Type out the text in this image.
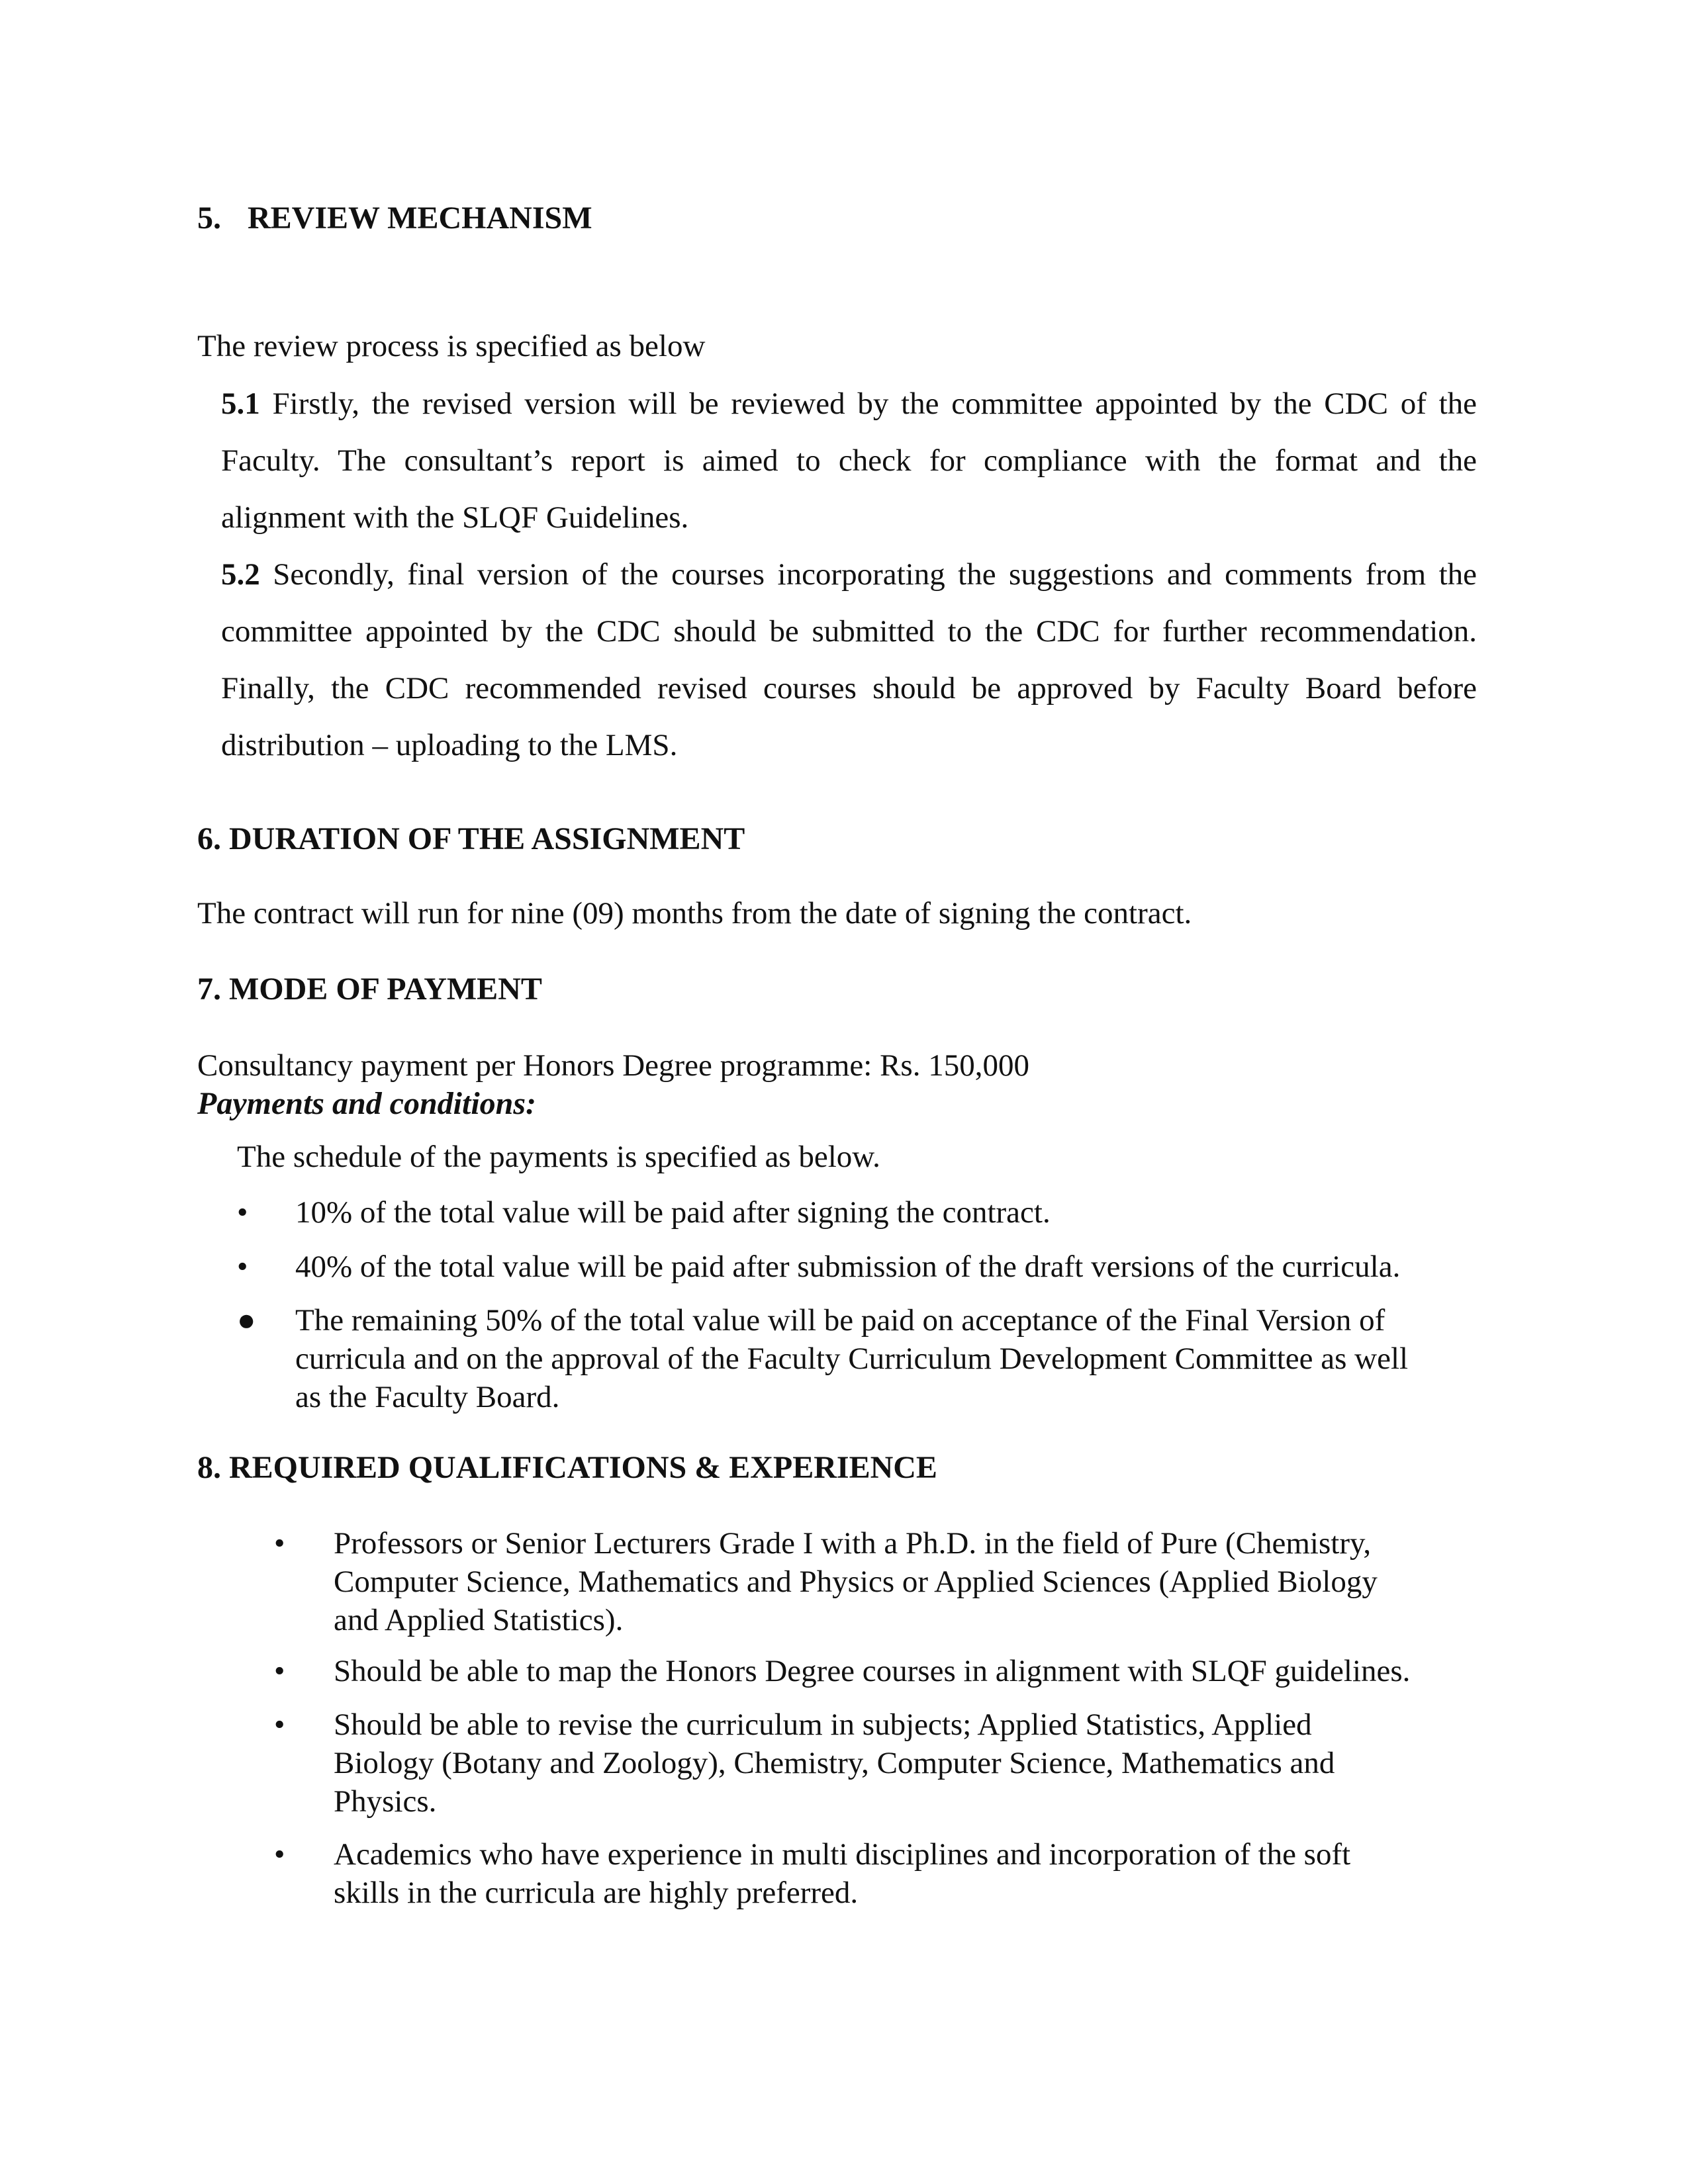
5. REVIEW MECHANISM
The review process is specified as below
5.1 Firstly, the revised version will be reviewed by the committee appointed by the CDC of the
Faculty. The consultant’s report is aimed to check for compliance with the format and the
alignment with the SLQF Guidelines.
5.2 Secondly, final version of the courses incorporating the suggestions and comments from the
committee appointed by the CDC should be submitted to the CDC for further recommendation.
Finally, the CDC recommended revised courses should be approved by Faculty Board before
distribution – uploading to the LMS.
6. DURATION OF THE ASSIGNMENT
The contract will run for nine (09) months from the date of signing the contract.
7. MODE OF PAYMENT
Consultancy payment per Honors Degree programme: Rs. 150,000
Payments and conditions:
The schedule of the payments is specified as below.
•	10% of the total value will be paid after signing the contract.
•	40% of the total value will be paid after submission of the draft versions of the curricula.
● The remaining 50% of the total value will be paid on acceptance of the Final Version of
curricula and on the approval of the Faculty Curriculum Development Committee as well
as the Faculty Board.
8. REQUIRED QUALIFICATIONS & EXPERIENCE
•	Professors or Senior Lecturers Grade I with a Ph.D. in the field of Pure (Chemistry,
Computer Science, Mathematics and Physics or Applied Sciences (Applied Biology
and Applied Statistics).
•	Should be able to map the Honors Degree courses in alignment with SLQF guidelines.
•	Should be able to revise the curriculum in subjects; Applied Statistics, Applied
Biology (Botany and Zoology), Chemistry, Computer Science, Mathematics and
Physics.
•	Academics who have experience in multi disciplines and incorporation of the soft
skills in the curricula are highly preferred.
